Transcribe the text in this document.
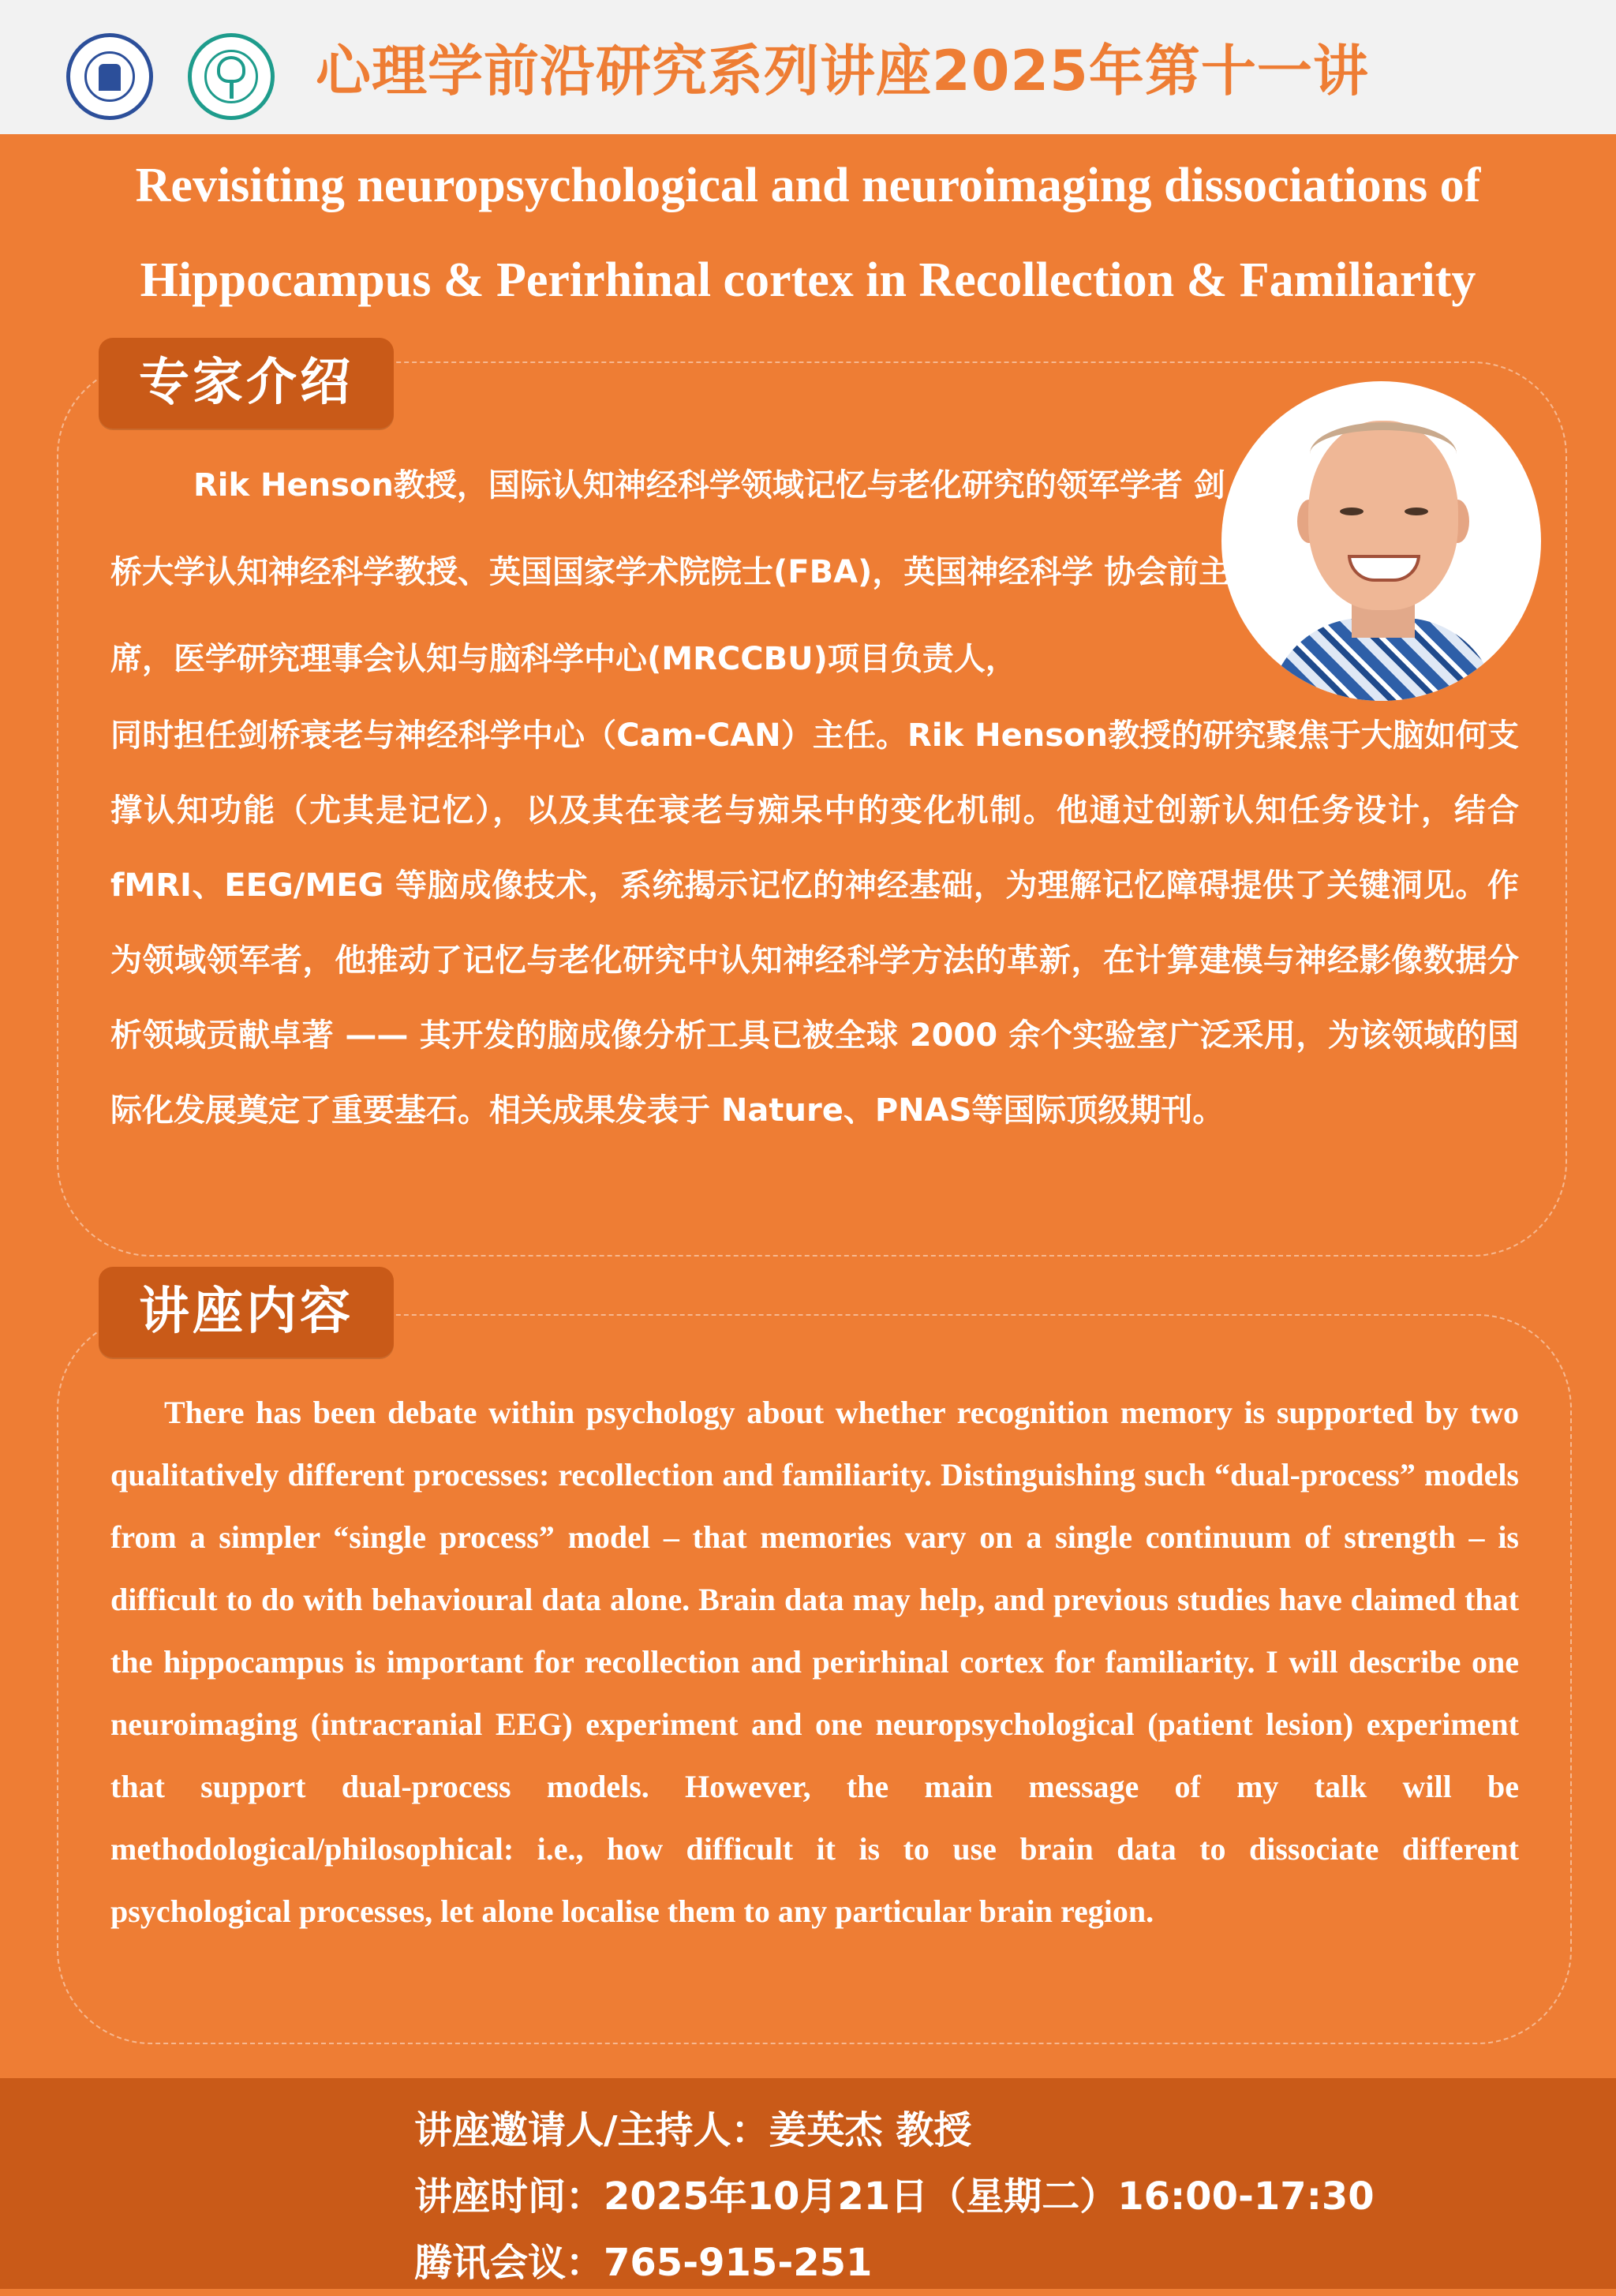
心理学前沿研究系列讲座2025年第十一讲
Revisiting neuropsychological and neuroimaging dissociations of
Hippocampus & Perirhinal cortex in Recollection & Familiarity
专家介绍

Rik Henson教授，国际认知神经科学领域记忆与老化研究的领军学者 剑桥大学认知神经科学教授、英国国家学术院院士(FBA)，英国神经科学 协会前主席，医学研究理事会认知与脑科学中心(MRCCBU)项目负责人，

同时担任剑桥衰老与神经科学中心（Cam-CAN）主任。Rik Henson教授的研究聚焦于大脑如何支撑认知功能（尤其是记忆），以及其在衰老与痴呆中的变化机制。他通过创新认知任务设计，结合 fMRI、EEG/MEG 等脑成像技术，系统揭示记忆的神经基础，为理解记忆障碍提供了关键洞见。作为领域领军者，他推动了记忆与老化研究中认知神经科学方法的革新，在计算建模与神经影像数据分析领域贡献卓著 —— 其开发的脑成像分析工具已被全球 2000 余个实验室广泛采用，为该领域的国际化发展奠定了重要基石。相关成果发表于 Nature、PNAS等国际顶级期刊。

讲座内容

There has been debate within psychology about whether recognition memory is supported by two qualitatively different processes: recollection and familiarity. Distinguishing such “dual-process” models from a simpler “single process” model – that memories vary on a single continuum of strength – is difficult to do with behavioural data alone. Brain data may help, and previous studies have claimed that the hippocampus is important for recollection and perirhinal cortex for familiarity. I will describe one neuroimaging (intracranial EEG) experiment and one neuropsychological (patient lesion) experiment that support dual-process models. However, the main message of my talk will be methodological/philosophical: i.e., how difficult it is to use brain data to dissociate different psychological processes, let alone localise them to any particular brain region.

讲座邀请人/主持人：姜英杰 教授
讲座时间：2025年10月21日（星期二）16:00-17:30
腾讯会议：765-915-251
